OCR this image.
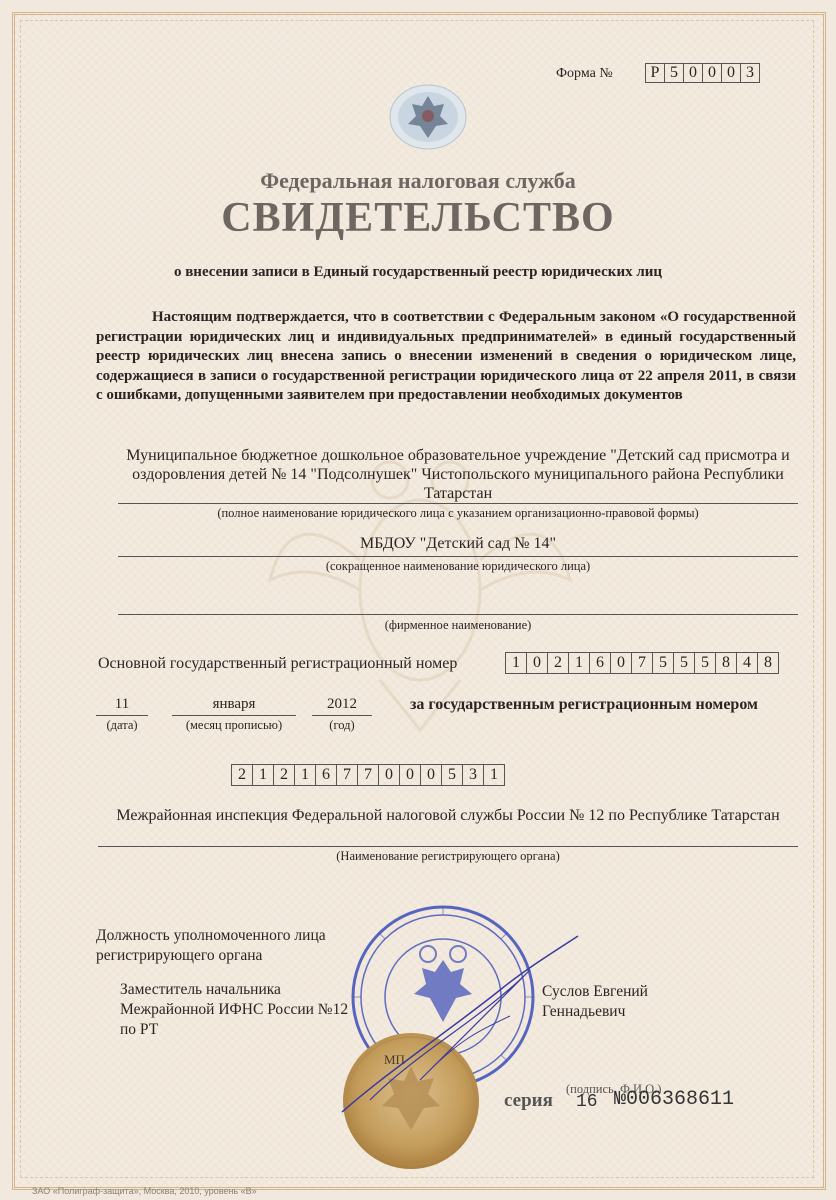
Форма №	Р 5 0 0 0 3
Федеральная налоговая служба
СВИДЕТЕЛЬСТВО
о внесении записи в Единый государственный реестр юридических лиц
Настоящим подтверждается, что в соответствии с Федеральным законом «О государственной регистрации юридических лиц и индивидуальных предпринимателей» в единый государственный реестр юридических лиц внесена запись о внесении изменений в сведения о юридическом лице, содержащиеся в записи о государственной регистрации юридического лица от 22 апреля 2011, в связи с ошибками, допущенными заявителем при предоставлении необходимых документов
Муниципальное бюджетное дошкольное образовательное учреждение "Детский сад присмотра и оздоровления детей № 14 "Подсолнушек" Чистопольского муниципального района Республики Татарстан
(полное наименование юридического лица с указанием организационно-правовой формы)
МБДОУ "Детский сад № 14"
(сокращенное наименование юридического лица)
(фирменное наименование)
Основной государственный регистрационный номер	1 0 2 1 6 0 7 5 5 5 8 4 8
11
(дата)
января
(месяц прописью)
2012
(год)
за государственным регистрационным номером
2 1 2 1 6 7 7 0 0 0 5 3 1
Межрайонная инспекция Федеральной налоговой службы России № 12 по Республике Татарстан
(Наименование регистрирующего органа)
Должность уполномоченного лица регистрирующего органа
Заместитель начальника Межрайонной ИФНС России №12 по РТ
Суслов Евгений Геннадьевич
МП
(подпись, Ф.И.О.)
серия 16 №006368611
ЗАО «Полиграф-защита», Москва, 2010, уровень «В»
